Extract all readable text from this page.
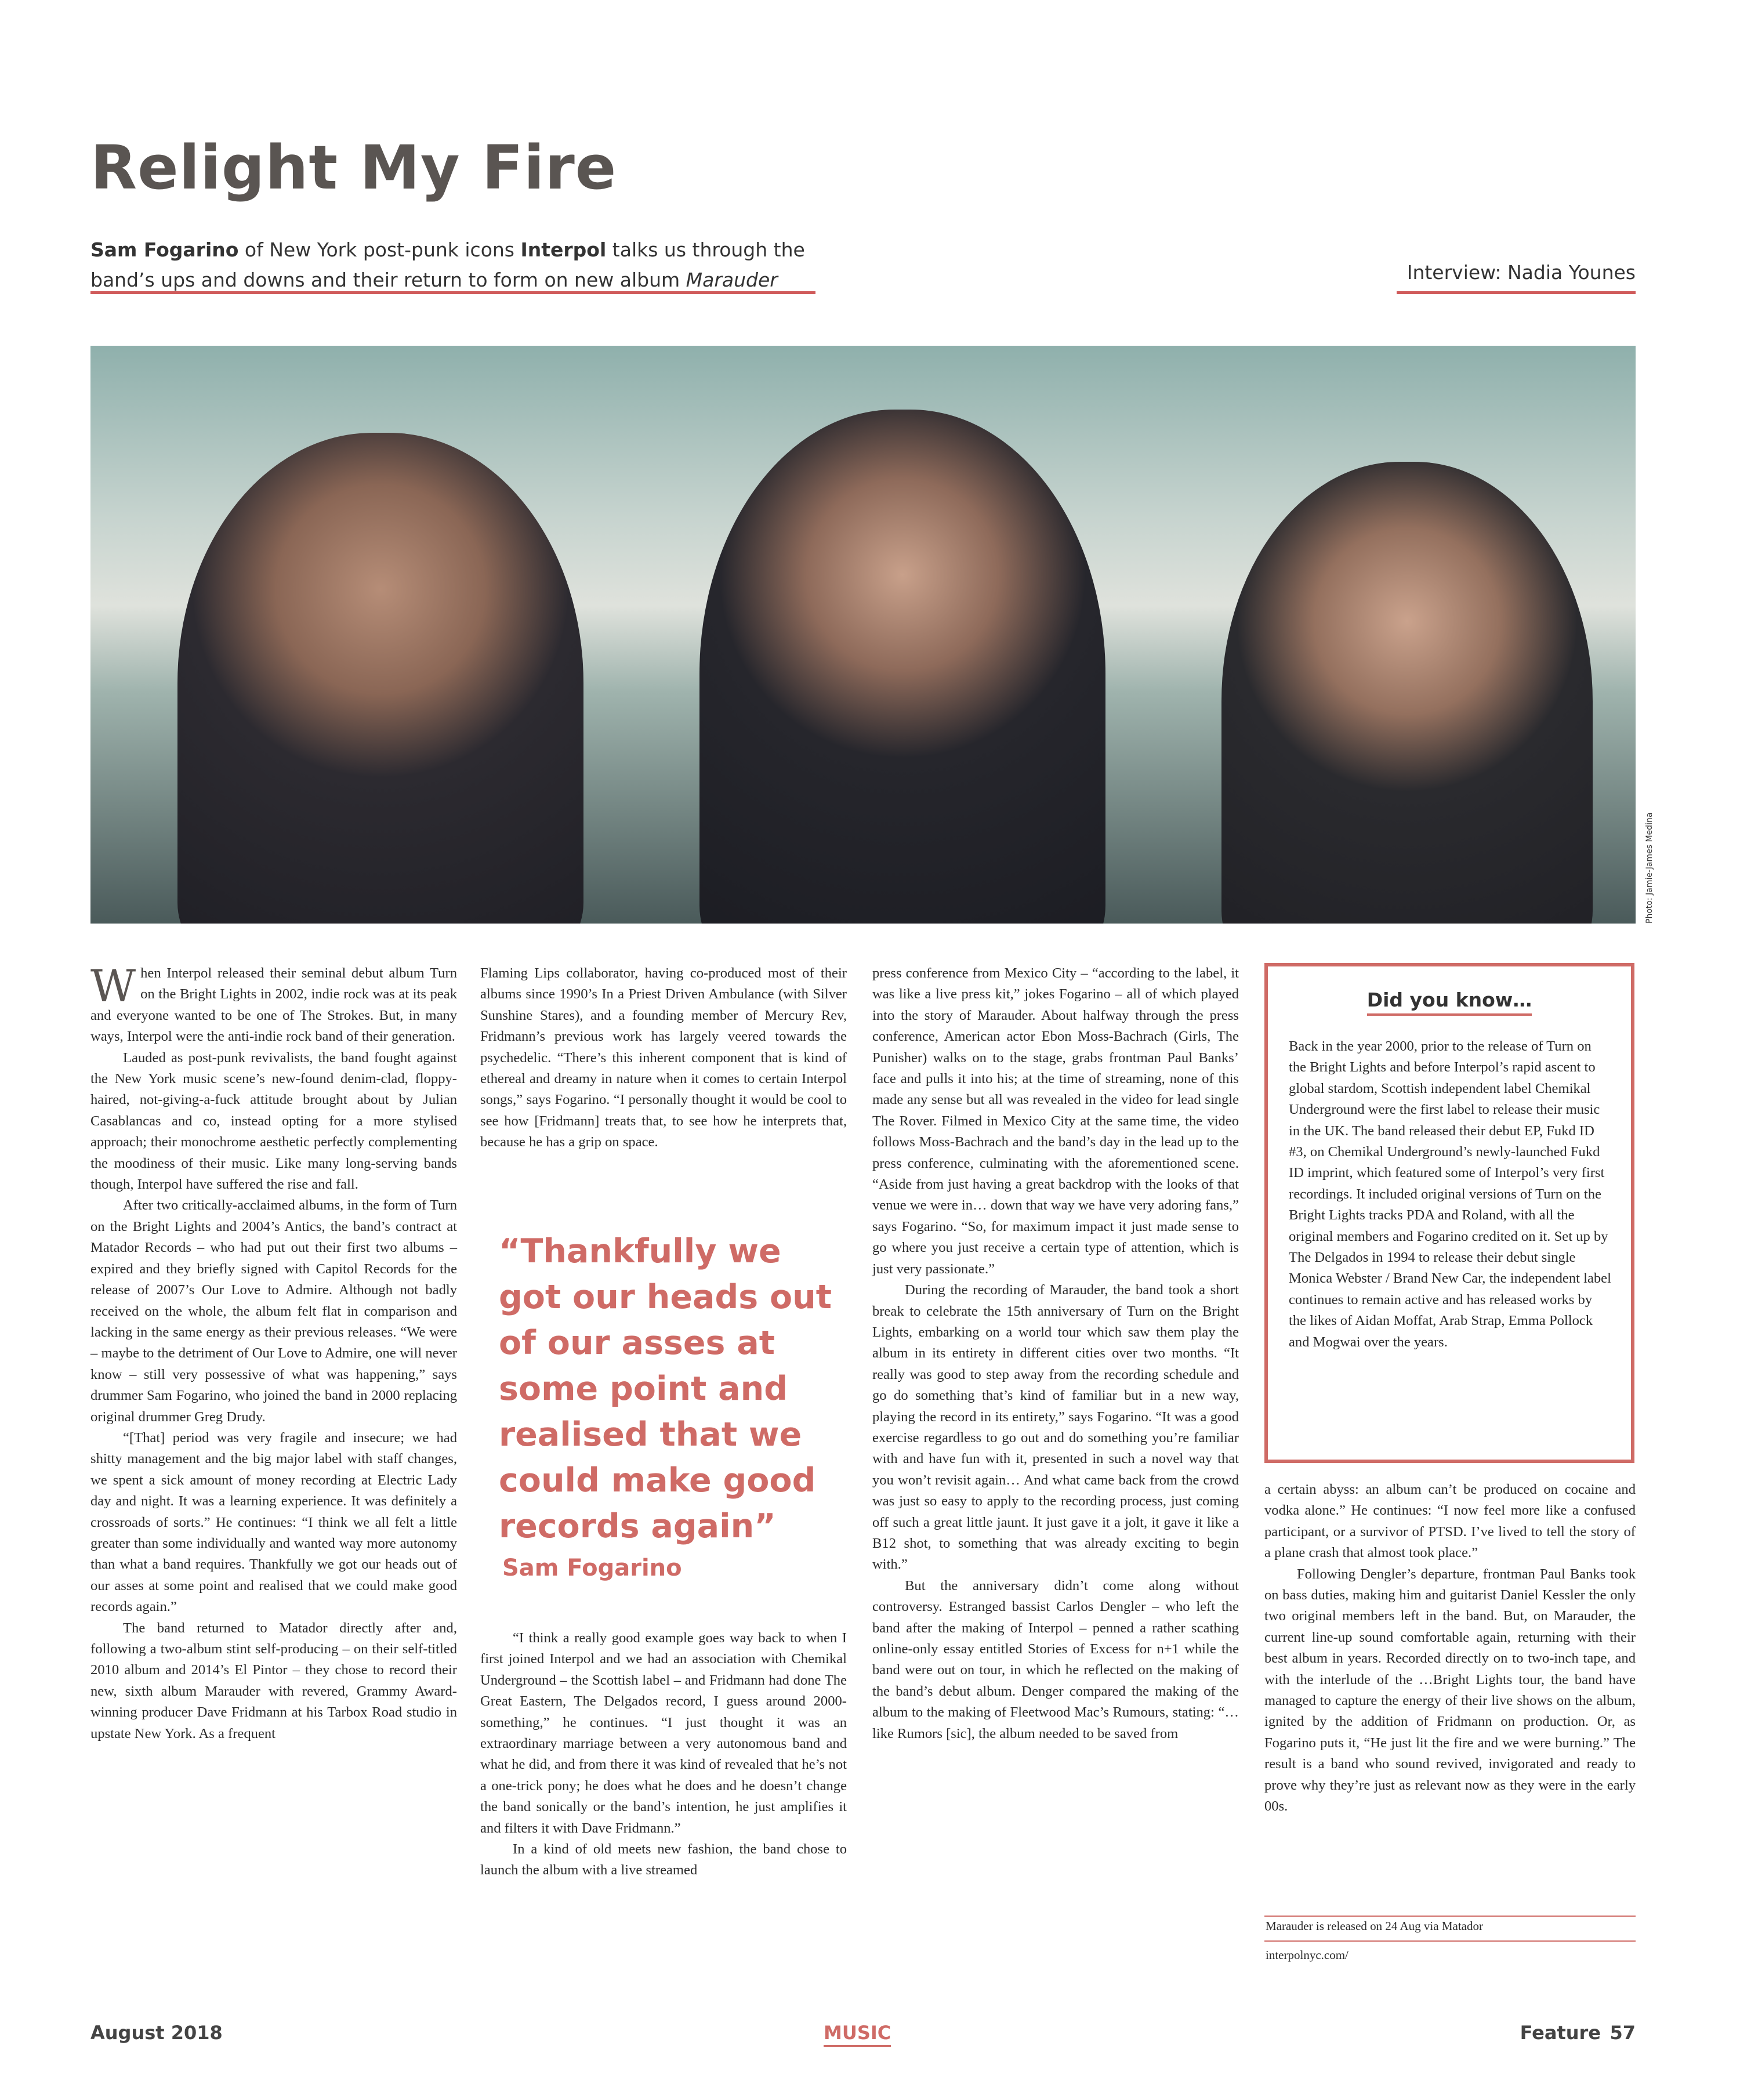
Relight My Fire
Sam Fogarino of New York post-punk icons Interpol talks us through the band’s ups and downs and their return to form on new album Marauder	Interview: Nadia Younes
Photo: Jamie-James Medina

When Interpol released their seminal debut album Turn on the Bright Lights in 2002, indie rock was at its peak and everyone wanted to be one of The Strokes. But, in many ways, Interpol were the anti-indie rock band of their generation.

Lauded as post-punk revivalists, the band fought against the New York music scene’s new-found denim-clad, floppy-haired, not-giving-a-fuck attitude brought about by Julian Casablancas and co, instead opting for a more stylised approach; their monochrome aesthetic perfectly complementing the moodiness of their music. Like many long-serving bands though, Interpol have suffered the rise and fall.

After two critically-acclaimed albums, in the form of Turn on the Bright Lights and 2004’s Antics, the band’s contract at Matador Records – who had put out their first two albums – expired and they briefly signed with Capitol Records for the release of 2007’s Our Love to Admire. Although not badly received on the whole, the album felt flat in comparison and lacking in the same energy as their previous releases. “We were – maybe to the detriment of Our Love to Admire, one will never know – still very possessive of what was happening,” says drummer Sam Fogarino, who joined the band in 2000 replacing original drummer Greg Drudy.

“[That] period was very fragile and insecure; we had shitty management and the big major label with staff changes, we spent a sick amount of money recording at Electric Lady day and night. It was a learning experience. It was definitely a crossroads of sorts.” He continues: “I think we all felt a little greater than some individually and wanted way more autonomy than what a band requires. Thankfully we got our heads out of our asses at some point and realised that we could make good records again.”

The band returned to Matador directly after and, following a two-album stint self-producing – on their self-titled 2010 album and 2014’s El Pintor – they chose to record their new, sixth album Marauder with revered, Grammy Award-winning producer Dave Fridmann at his Tarbox Road studio in upstate New York. As a frequent

Flaming Lips collaborator, having co-produced most of their albums since 1990’s In a Priest Driven Ambulance (with Silver Sunshine Stares), and a founding member of Mercury Rev, Fridmann’s previous work has largely veered towards the psychedelic. “There’s this inherent component that is kind of ethereal and dreamy in nature when it comes to certain Interpol songs,” says Fogarino. “I personally thought it would be cool to see how [Fridmann] treats that, to see how he interprets that, because he has a grip on space.

“I think a really good example goes way back to when I first joined Interpol and we had an association with Chemikal Underground – the Scottish label – and Fridmann had done The Great Eastern, The Delgados record, I guess around 2000-something,” he continues. “I just thought it was an extraordinary marriage between a very autonomous band and what he did, and from there it was kind of revealed that he’s not a one-trick pony; he does what he does and he doesn’t change the band sonically or the band’s intention, he just amplifies it and filters it with Dave Fridmann.”

In a kind of old meets new fashion, the band chose to launch the album with a live streamed

“Thankfully we got our heads out of our asses at some point and realised that we could make good records again”
Sam Fogarino

press conference from Mexico City – “according to the label, it was like a live press kit,” jokes Fogarino – all of which played into the story of Marauder. About halfway through the press conference, American actor Ebon Moss-Bachrach (Girls, The Punisher) walks on to the stage, grabs frontman Paul Banks’ face and pulls it into his; at the time of streaming, none of this made any sense but all was revealed in the video for lead single The Rover. Filmed in Mexico City at the same time, the video follows Moss-Bachrach and the band’s day in the lead up to the press conference, culminating with the aforementioned scene. “Aside from just having a great backdrop with the looks of that venue we were in… down that way we have very adoring fans,” says Fogarino. “So, for maximum impact it just made sense to go where you just receive a certain type of attention, which is just very passionate.”

During the recording of Marauder, the band took a short break to celebrate the 15th anniversary of Turn on the Bright Lights, embarking on a world tour which saw them play the album in its entirety in different cities over two months. “It really was good to step away from the recording schedule and go do something that’s kind of familiar but in a new way, playing the record in its entirety,” says Fogarino. “It was a good exercise regardless to go out and do something you’re familiar with and have fun with it, presented in such a novel way that you won’t revisit again… And what came back from the crowd was just so easy to apply to the recording process, just coming off such a great little jaunt. It just gave it a jolt, it gave it like a B12 shot, to something that was already exciting to begin with.”

But the anniversary didn’t come along without controversy. Estranged bassist Carlos Dengler – who left the band after the making of Interpol – penned a rather scathing online-only essay entitled Stories of Excess for n+1 while the band were out on tour, in which he reflected on the making of the band’s debut album. Denger compared the making of the album to the making of Fleetwood Mac’s Rumours, stating: “…like Rumors [sic], the album needed to be saved from

Did you know…
Back in the year 2000, prior to the release of Turn on the Bright Lights and before Interpol’s rapid ascent to global stardom, Scottish independent label Chemikal Underground were the first label to release their music in the UK. The band released their debut EP, Fukd ID #3, on Chemikal Underground’s newly-launched Fukd ID imprint, which featured some of Interpol’s very first recordings. It included original versions of Turn on the Bright Lights tracks PDA and Roland, with all the original members and Fogarino credited on it. Set up by The Delgados in 1994 to release their debut single Monica Webster / Brand New Car, the independent label continues to remain active and has released works by the likes of Aidan Moffat, Arab Strap, Emma Pollock and Mogwai over the years.

a certain abyss: an album can’t be produced on cocaine and vodka alone.” He continues: “I now feel more like a confused participant, or a survivor of PTSD. I’ve lived to tell the story of a plane crash that almost took place.”

Following Dengler’s departure, frontman Paul Banks took on bass duties, making him and guitarist Daniel Kessler the only two original members left in the band. But, on Marauder, the current line-up sound comfortable again, returning with their best album in years. Recorded directly on to two-inch tape, and with the interlude of the …Bright Lights tour, the band have managed to capture the energy of their live shows on the album, ignited by the addition of Fridmann on production. Or, as Fogarino puts it, “He just lit the fire and we were burning.” The result is a band who sound revived, invigorated and ready to prove why they’re just as relevant now as they were in the early 00s.

Marauder is released on 24 Aug via Matador
interpolnyc.com/
August 2018	MUSIC	Feature 57
